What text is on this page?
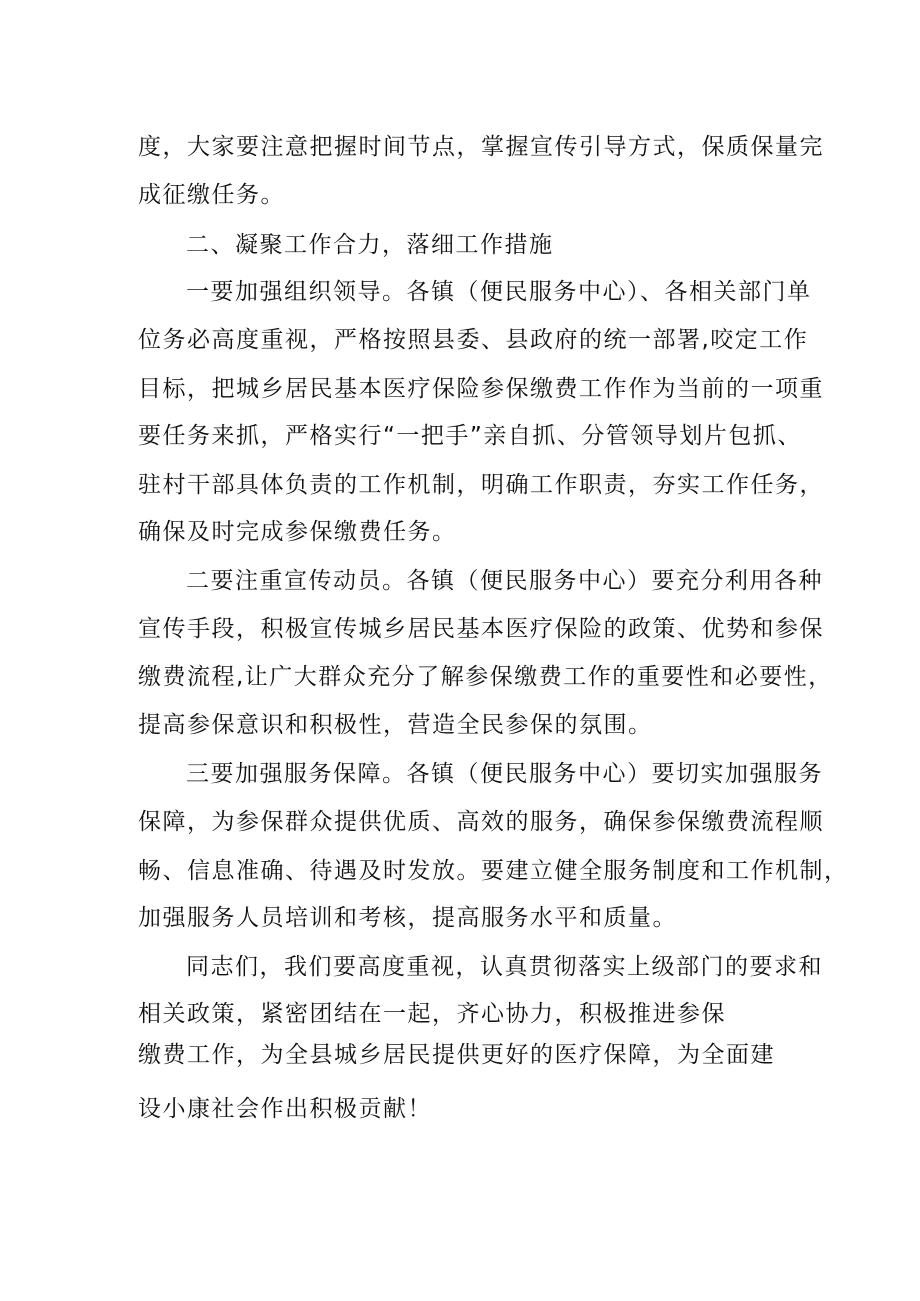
度，大家要注意把握时间节点，掌握宣传引导方式，保质保量完
成征缴任务。
二、凝聚工作合力，落细工作措施
一要加强组织领导。各镇（便民服务中心）、各相关部门单
位务必高度重视，严格按照县委、县政府的统一部署,咬定工作
目标，把城乡居民基本医疗保险参保缴费工作作为当前的一项重
要任务来抓，严格实行“一把手”亲自抓、分管领导划片包抓、
驻村干部具体负责的工作机制，明确工作职责，夯实工作任务，
确保及时完成参保缴费任务。
二要注重宣传动员。各镇（便民服务中心）要充分利用各种
宣传手段，积极宣传城乡居民基本医疗保险的政策、优势和参保
缴费流程,让广大群众充分了解参保缴费工作的重要性和必要性，
提高参保意识和积极性，营造全民参保的氛围。
三要加强服务保障。各镇（便民服务中心）要切实加强服务
保障，为参保群众提供优质、高效的服务，确保参保缴费流程顺
畅、信息准确、待遇及时发放。要建立健全服务制度和工作机制，
加强服务人员培训和考核，提高服务水平和质量。
同志们，我们要高度重视，认真贯彻落实上级部门的要求和
相关政策，紧密团结在一起，齐心协力，积极推进参保
缴费工作，为全县城乡居民提供更好的医疗保障，为全面建
设小康社会作出积极贡献！
